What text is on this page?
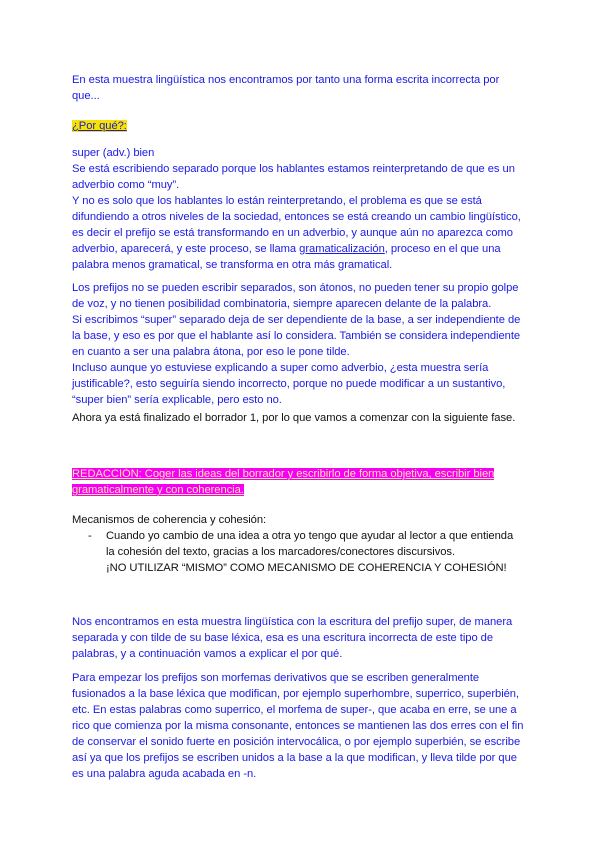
En esta muestra lingüística nos encontramos por tanto una forma escrita incorrecta por
que...
¿Por qué?:
super (adv.) bien
Se está escribiendo separado porque los hablantes estamos reinterpretando de que es un
adverbio como “muy”.
Y no es solo que los hablantes lo están reinterpretando, el problema es que se está
difundiendo a otros niveles de la sociedad, entonces se está creando un cambio lingüístico,
es decir el prefijo se está transformando en un adverbio, y aunque aún no aparezca como
adverbio, aparecerá, y este proceso, se llama gramaticalización, proceso en el que una
palabra menos gramatical, se transforma en otra más gramatical.
Los prefijos no se pueden escribir separados, son átonos, no pueden tener su propio golpe
de voz, y no tienen posibilidad combinatoria, siempre aparecen delante de la palabra.
Si escribimos “super” separado deja de ser dependiente de la base, a ser independiente de
la base, y eso es por que el hablante así lo considera. También se considera independiente
en cuanto a ser una palabra átona, por eso le pone tilde.
Incluso aunque yo estuviese explicando a super como adverbio, ¿esta muestra sería
justificable?, esto seguiría siendo incorrecto, porque no puede modificar a un sustantivo,
“super bien” sería explicable, pero esto no.
Ahora ya está finalizado el borrador 1, por lo que vamos a comenzar con la siguiente fase.
REDACCIÓN: Coger las ideas del borrador y escribirlo de forma objetiva, escribir bien
gramaticalmente y con coherencia.
Mecanismos de coherencia y cohesión:
- Cuando yo cambio de una idea a otra yo tengo que ayudar al lector a que entienda
la cohesión del texto, gracias a los marcadores/conectores discursivos.
¡NO UTILIZAR “MISMO” COMO MECANISMO DE COHERENCIA Y COHESIÓN!
Nos encontramos en esta muestra lingüística con la escritura del prefijo super, de manera
separada y con tilde de su base léxica, esa es una escritura incorrecta de este tipo de
palabras, y a continuación vamos a explicar el por qué.
Para empezar los prefijos son morfemas derivativos que se escriben generalmente
fusionados a la base léxica que modifican, por ejemplo superhombre, superrico, superbién,
etc. En estas palabras como superrico, el morfema de super-, que acaba en erre, se une a
rico que comienza por la misma consonante, entonces se mantienen las dos erres con el fin
de conservar el sonido fuerte en posición intervocálica, o por ejemplo superbién, se escribe
así ya que los prefijos se escriben unidos a la base a la que modifican, y lleva tilde por que
es una palabra aguda acabada en -n.
